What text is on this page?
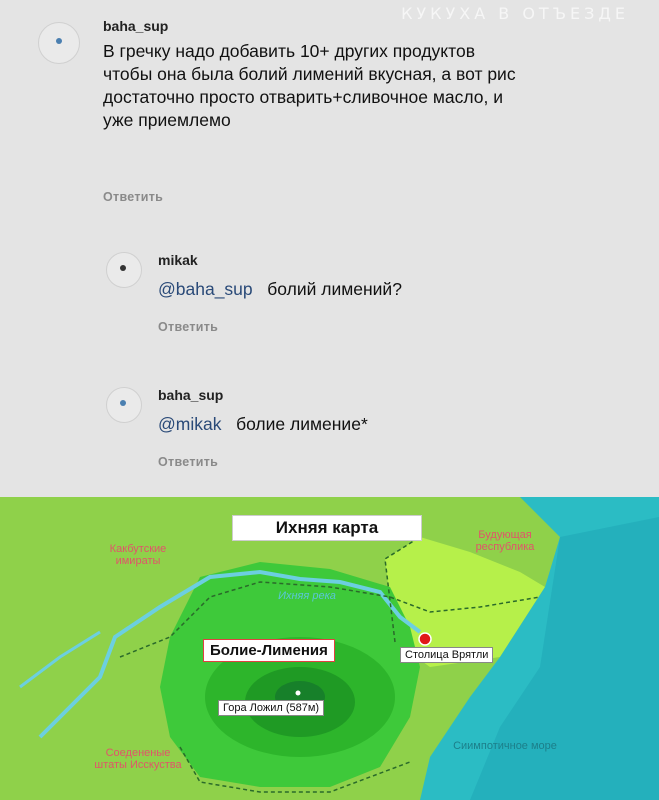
КУКУХА В ОТЪЕЗДЕ
baha_sup
В гречку надо добавить 10+ других продуктов чтобы она была болий лимений вкусная, а вот рис достаточно просто отварить+сливочное масло, и уже приемлемо
Ответить
mikak
@baha_sup болий лимений?
Ответить
baha_sup
@mikak болие лимение*
Ответить
Ихняя карта
Какбутские имираты
Будующая республика
Соедененые штаты Исскуства
Сиимпотичное море
Ихняя река
Болие-Лимения	Столица Врятли
Гора Ложил (587м)
